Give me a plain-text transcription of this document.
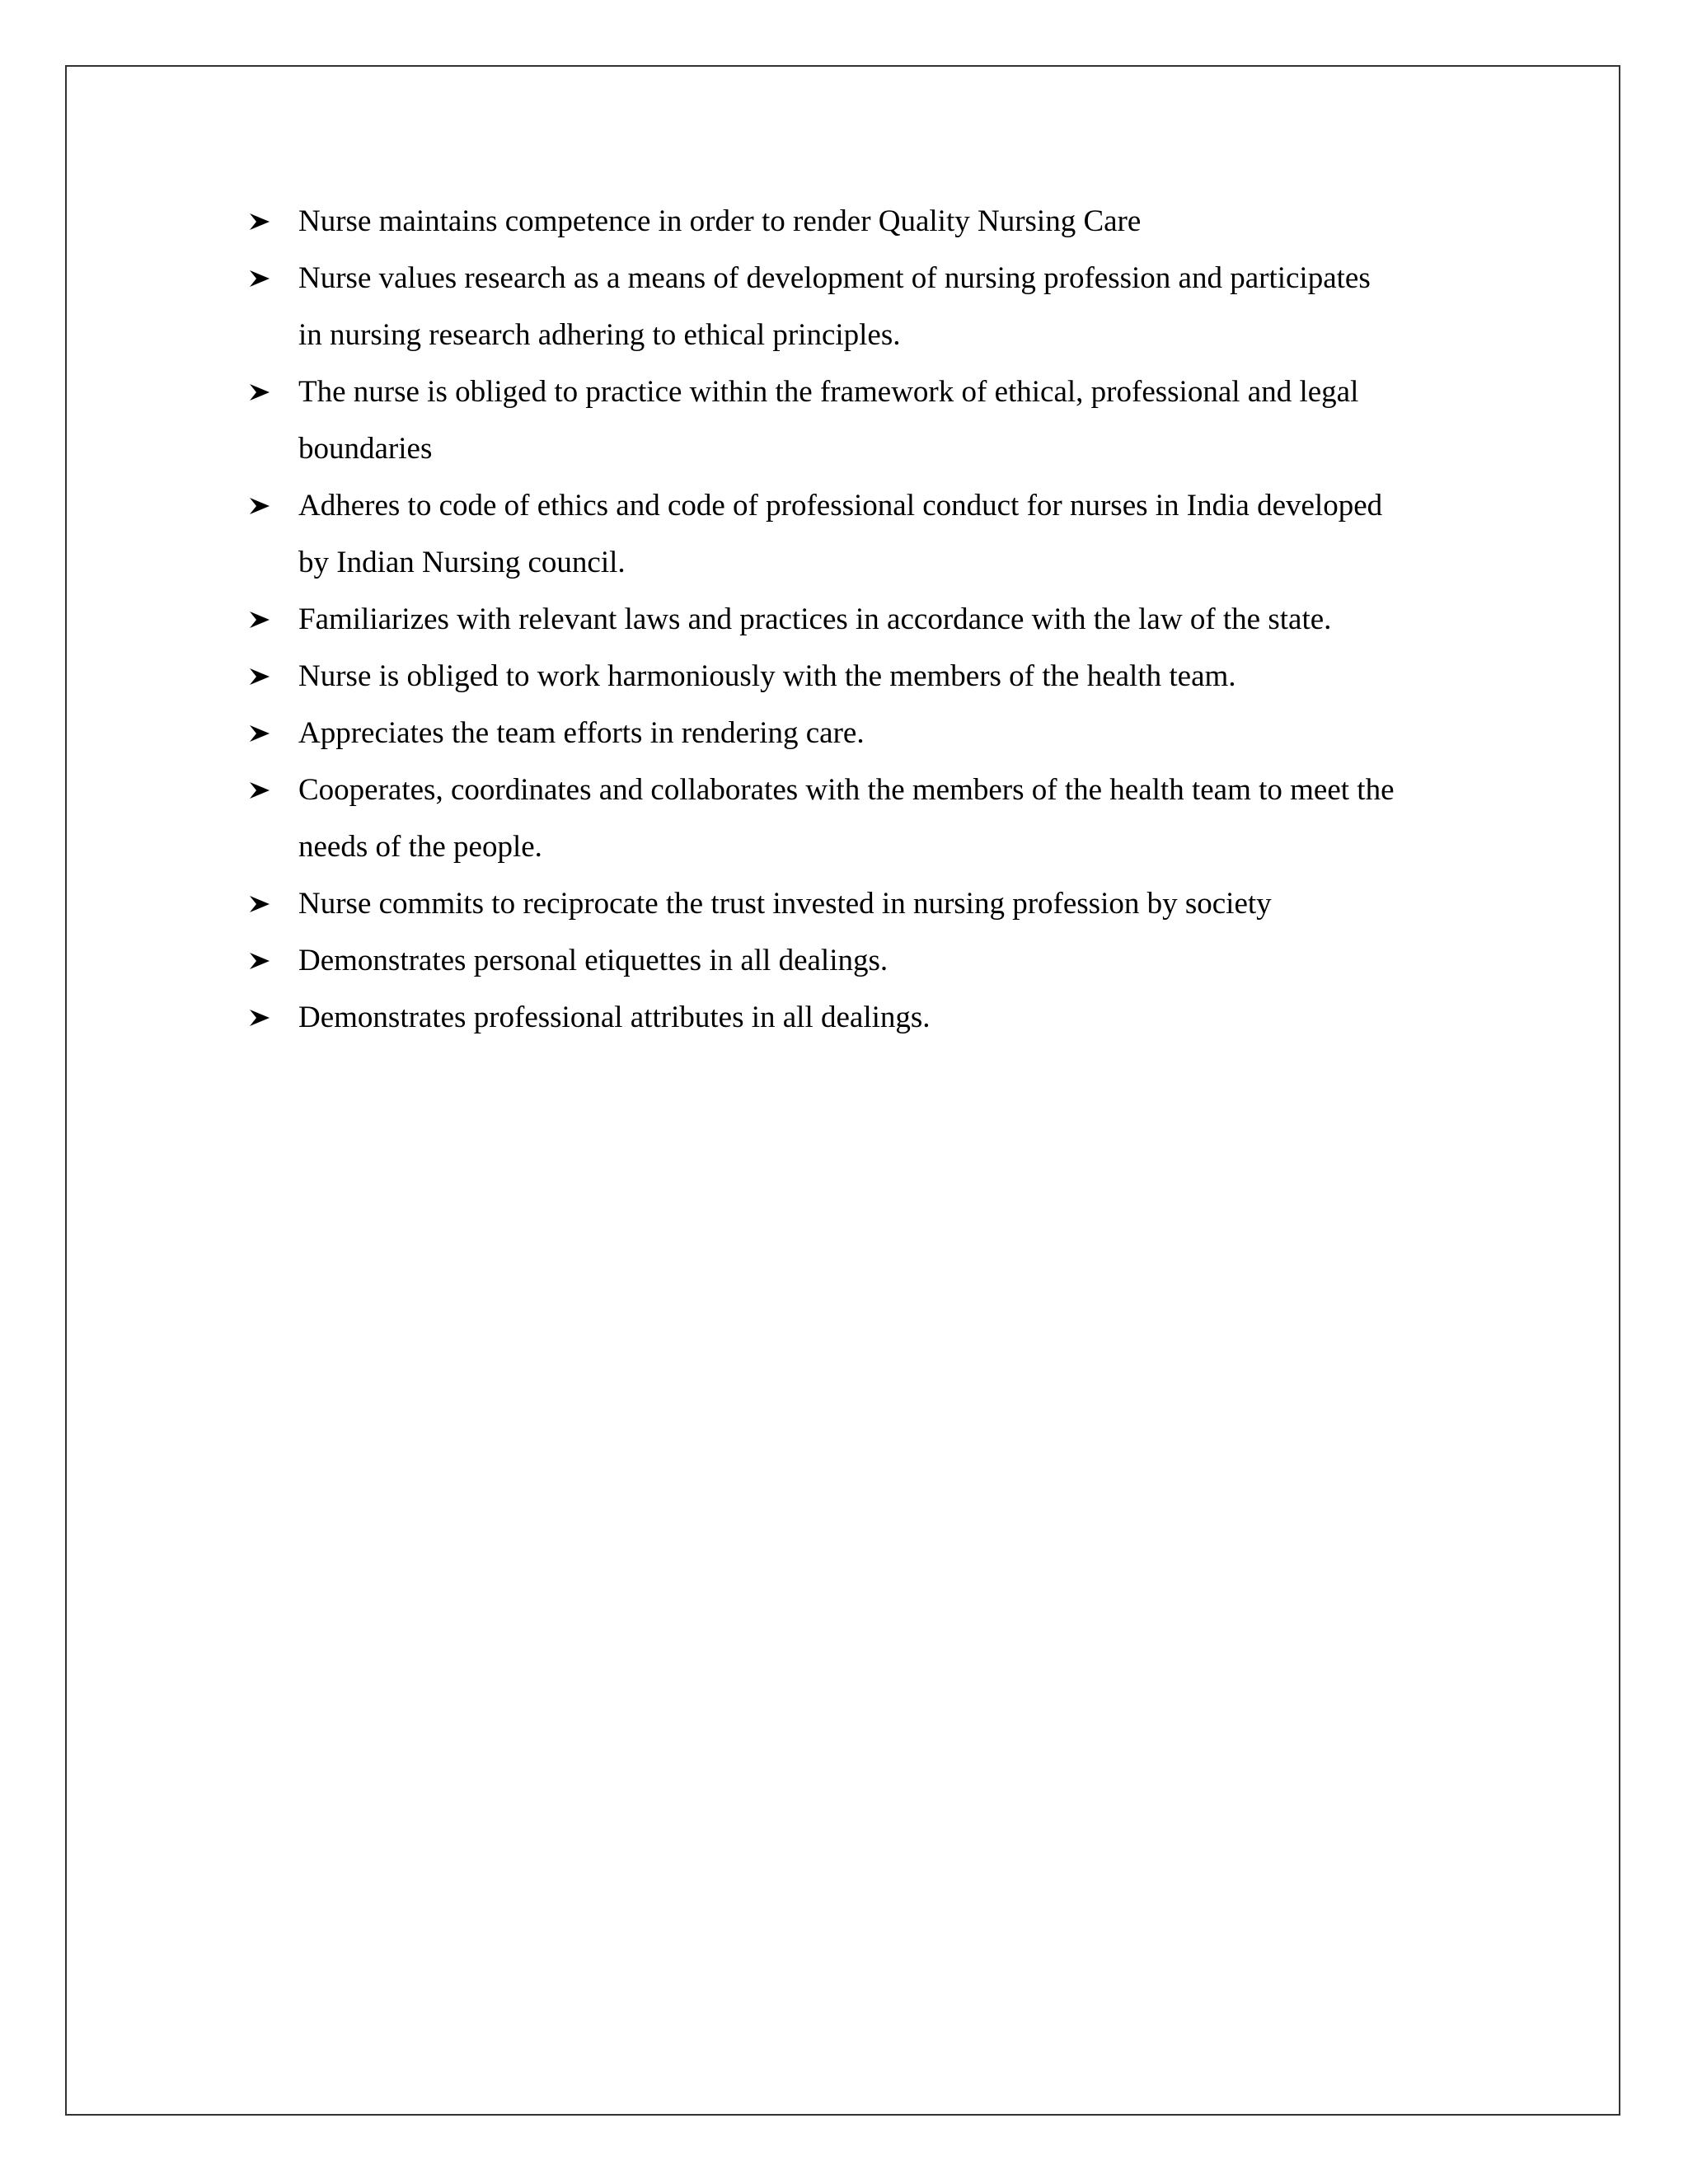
Nurse maintains competence in order to render Quality Nursing Care
Nurse values research as a means of development of nursing profession and participates
in nursing research adhering to ethical principles.
The nurse is obliged to practice within the framework of ethical, professional and legal
boundaries
Adheres to code of ethics and code of professional conduct for nurses in India developed
by Indian Nursing council.
Familiarizes with relevant laws and practices in accordance with the law of the state.
Nurse is obliged to work harmoniously with the members of the health team.
Appreciates the team efforts in rendering care.
Cooperates, coordinates and collaborates with the members of the health team to meet the
needs of the people.
Nurse commits to reciprocate the trust invested in nursing profession by society
Demonstrates personal etiquettes in all dealings.
Demonstrates professional attributes in all dealings.
